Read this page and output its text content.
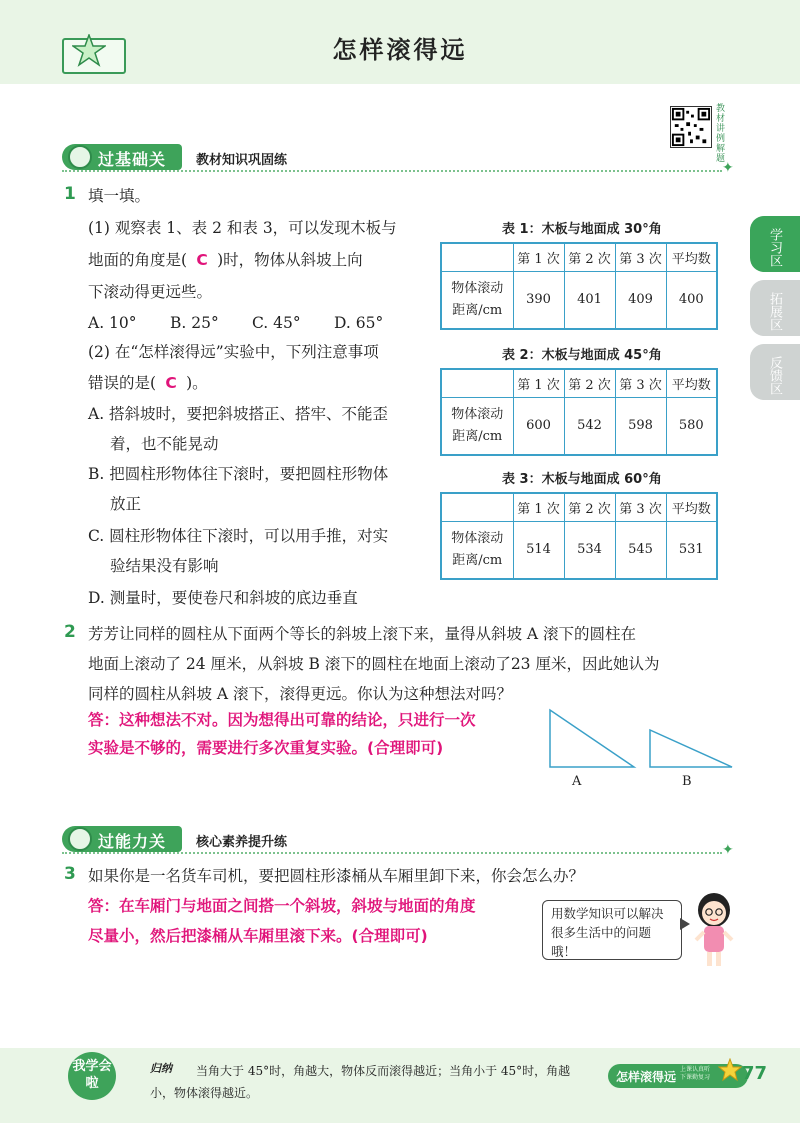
怎样滚得远
教材讲例解题
过基础关 教材知识巩固练	✦
学习区
拓展区
反馈区
1 填一填。
(1) 观察表 1、表 2 和表 3，可以发现木板与
地面的角度是( C )时，物体从斜坡上向
下滚动得更远些。
A. 10° B. 25° C. 45° D. 65°
(2) 在“怎样滚得远”实验中，下列注意事项
错误的是( C )。
A. 搭斜坡时，要把斜坡搭正、搭牢、不能歪
着，也不能晃动
B. 把圆柱形物体往下滚时，要把圆柱形物体
放正
C. 圆柱形物体往下滚时，可以用手推，对实
验结果没有影响
D. 测量时，要使卷尺和斜坡的底边垂直
表 1：木板与地面成 30°角
	第 1 次	第 2 次	第 3 次	平均数
物体滚动
距离/cm	390	401	409	400
表 2：木板与地面成 45°角
	第 1 次	第 2 次	第 3 次	平均数
物体滚动
距离/cm	600	542	598	580
表 3：木板与地面成 60°角
	第 1 次	第 2 次	第 3 次	平均数
物体滚动
距离/cm	514	534	545	531
2 芳芳让同样的圆柱从下面两个等长的斜坡上滚下来，量得从斜坡 A 滚下的圆柱在
地面上滚动了 24 厘米，从斜坡 B 滚下的圆柱在地面上滚动了23 厘米，因此她认为
同样的圆柱从斜坡 A 滚下，滚得更远。你认为这种想法对吗？
答：这种想法不对。因为想得出可靠的结论，只进行一次
实验是不够的，需要进行多次重复实验。(合理即可)
A	B
过能力关 核心素养提升练	✦
3 如果你是一名货车司机，要把圆柱形漆桶从车厢里卸下来，你会怎么办？
答：在车厢门与地面之间搭一个斜坡，斜坡与地面的角度
尽量小，然后把漆桶从车厢里滚下来。(合理即可)
用数学知识可以解决很多生活中的问题哦！
我学会啦
当角大于 45°时，角越大，物体反而滚得越近；当角小于 45°时，角越小，物体滚得越近。
归纳
怎样滚得远
上课认真听 下课勤复习 77
